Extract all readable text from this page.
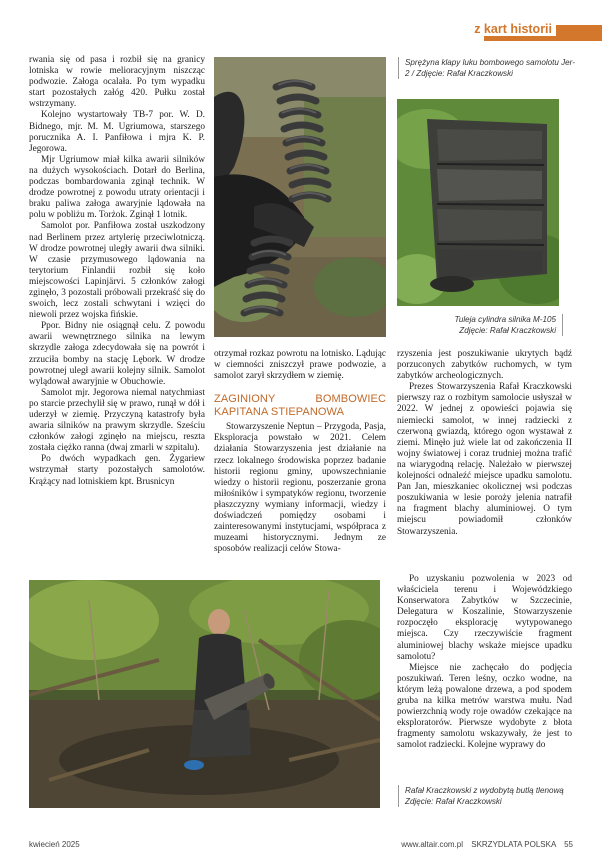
z kart historii

rwania się od pasa i rozbił się na granicy lotniska w rowie melioracyjnym niszcząc podwozie. Załoga ocalała. Po tym wypadku start pozostałych załóg 420. Pułku został wstrzymany.

Kolejno wystartowały TB-7 por. W. D. Bidnego, mjr. M. M. Ugriumowa, starszego porucznika A. I. Panfiłowa i mjra K. P. Jegorowa.

Mjr Ugriumow miał kilka awarii silników na dużych wysokościach. Dotarł do Berlina, podczas bombardowania zginął technik. W drodze powrotnej z powodu utraty orientacji i braku paliwa załoga awaryjnie lądowała na polu w pobliżu m. Torżok. Zginął 1 lotnik.

Samolot por. Panfiłowa został uszkodzony nad Berlinem przez artylerię przeciwlotniczą. W drodze powrotnej uległy awarii dwa silniki. W czasie przymusowego lądowania na terytorium Finlandii rozbił się koło miejscowości Lapinjärvi. 5 członków załogi zginęło, 3 pozostali próbowali przekraść się do swoich, lecz zostali schwytani i wzięci do niewoli przez wojska fińskie.

Ppor. Bidny nie osiągnął celu. Z powodu awarii wewnętrznego silnika na lewym skrzydle załoga zdecydowała się na powrót i zrzuciła bomby na stację Lębork. W drodze powrotnej uległ awarii kolejny silnik. Samolot wylądował awaryjnie w Obuchowie.

Samolot mjr. Jegorowa niemal natychmiast po starcie przechylił się w prawo, runął w dół i uderzył w ziemię. Przyczyną katastrofy była awaria silników na prawym skrzydle. Sześciu członków załogi zginęło na miejscu, reszta została ciężko ranna (dwaj zmarli w szpitalu).

Po dwóch wypadkach gen. Żygariew wstrzymał starty pozostałych samolotów. Krążący nad lotniskiem kpt. Brusnicyn

Sprężyna klapy luku bombowego samolotu Jer-2 / Zdjęcie: Rafał Kraczkowski
Tuleja cylindra silnika M-105
Zdjęcie: Rafał Kraczkowski

otrzymał rozkaz powrotu na lotnisko. Lądując w ciemności zniszczył prawe podwozie, a samolot zarył skrzydłem w ziemię.

ZAGINIONY BOMBOWIEC KAPITANA STIEPANOWA

Stowarzyszenie Neptun – Przygoda, Pasja, Eksploracja powstało w 2021. Celem działania Stowarzyszenia jest działanie na rzecz lokalnego środowiska poprzez badanie historii regionu gminy, upowszechnianie wiedzy o historii regionu, poszerzanie grona miłośników i sympatyków regionu, tworzenie płaszczyzny wymiany informacji, wiedzy i doświadczeń pomiędzy osobami i zainteresowanymi instytucjami, współpraca z muzeami historycznymi. Jednym ze sposobów realizacji celów Stowa-

rzyszenia jest poszukiwanie ukrytych bądź porzuconych zabytków ruchomych, w tym zabytków archeologicznych.

Prezes Stowarzyszenia Rafał Kraczkowski pierwszy raz o rozbitym samolocie usłyszał w 2022. W jednej z opowieści pojawia się niemiecki samolot, w innej radziecki z czerwoną gwiazdą, którego ogon wystawał z ziemi. Minęło już wiele lat od zakończenia II wojny światowej i coraz trudniej można trafić na wiarygodną relację. Należało w pierwszej kolejności odnaleźć miejsce upadku samolotu. Pan Jan, mieszkaniec okolicznej wsi podczas poszukiwania w lesie poroży jelenia natrafił na fragment blachy aluminiowej. O tym miejscu powiadomił członków Stowarzyszenia.

Po uzyskaniu pozwolenia w 2023 od właściciela terenu i Wojewódzkiego Konserwatora Zabytków w Szczecinie, Delegatura w Koszalinie, Stowarzyszenie rozpoczęło eksplorację wytypowanego miejsca. Czy rzeczywiście fragment aluminiowej blachy wskaże miejsce upadku samolotu?

Miejsce nie zachęcało do podjęcia poszukiwań. Teren leśny, oczko wodne, na którym leżą powalone drzewa, a pod spodem gruba na kilka metrów warstwa mułu. Nad powierzchnią wody roje owadów czekające na eksploratorów. Pierwsze wydobyte z błota fragmenty samolotu wskazywały, że jest to samolot radziecki. Kolejne wyprawy do

Rafał Kraczkowski z wydobytą butlą tlenową
Zdjęcie: Rafał Kraczkowski
kwiecień 2025	www.altair.com.pl SKRZYDLATA POLSKA 55
